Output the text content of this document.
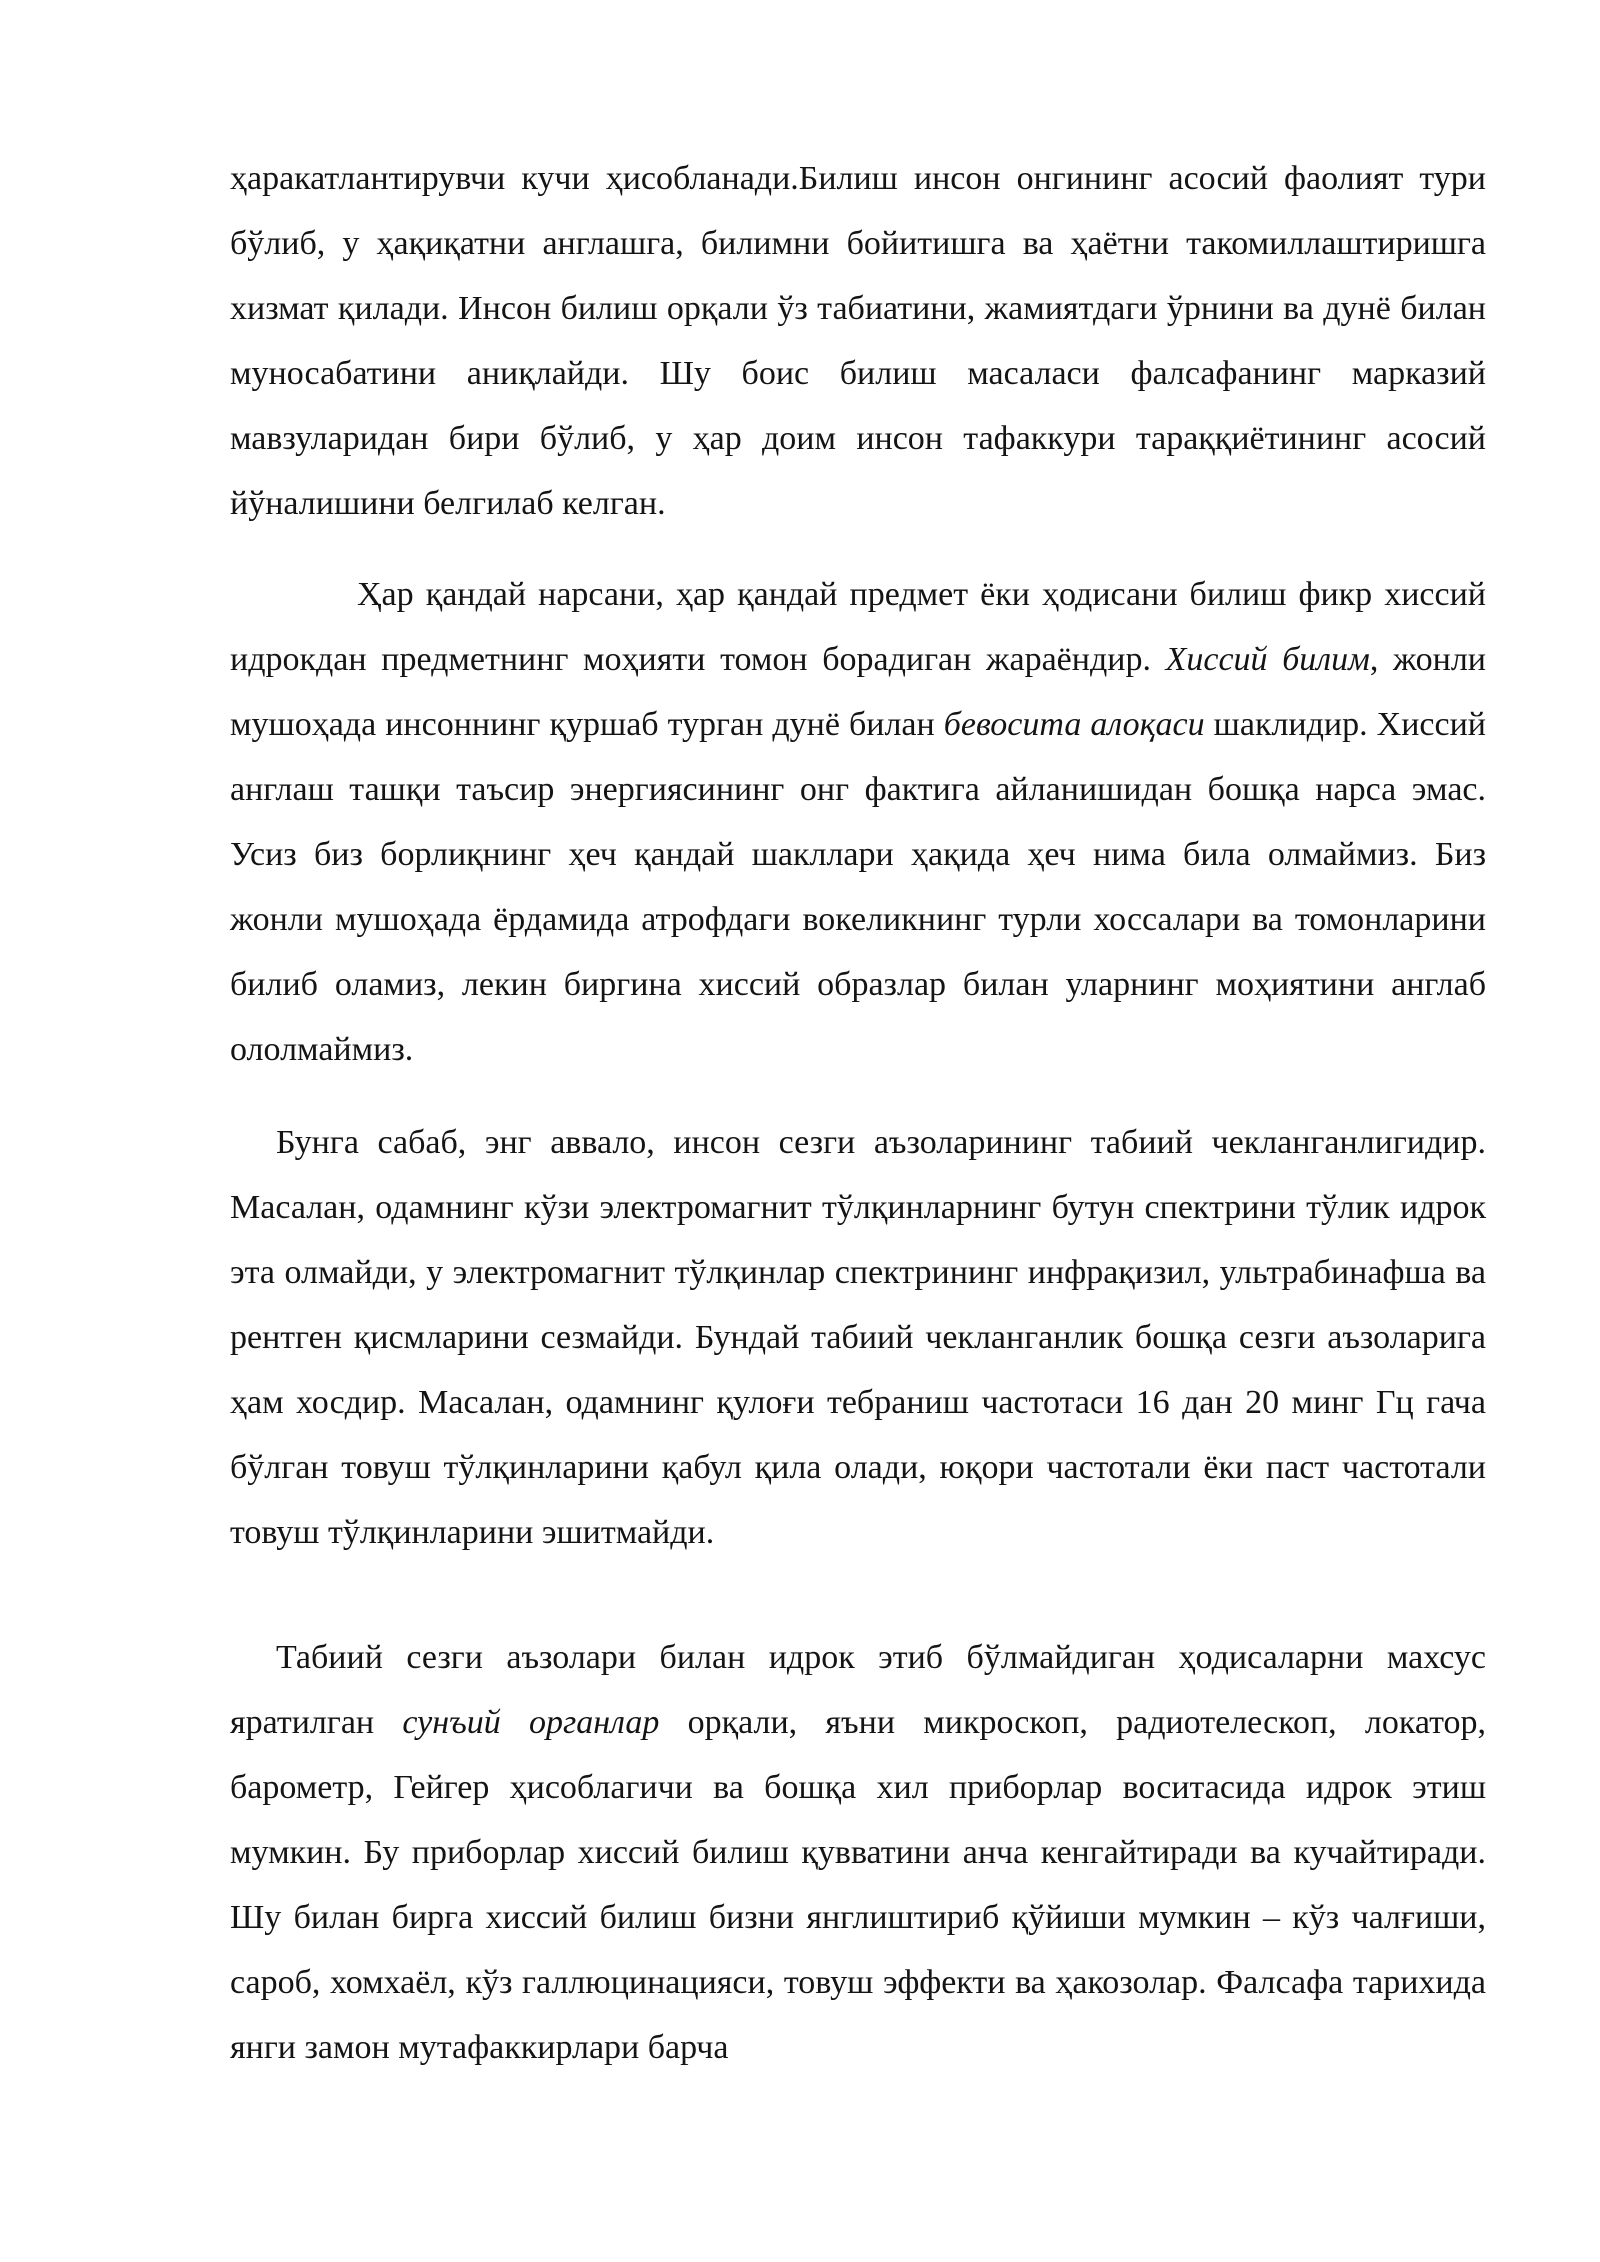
ҳаракатлантирувчи кучи ҳисобланади.Билиш инсон онгининг асосий фаолият тури бўлиб, у ҳақиқатни англашга, билимни бойитишга ва ҳаётни такомиллаштиришга хизмат қилади. Инсон билиш орқали ўз табиатини, жамиятдаги ўрнини ва дунё билан муносабатини аниқлайди. Шу боис билиш масаласи фалсафанинг марказий мавзуларидан бири бўлиб, у ҳар доим инсон тафаккури тараққиётининг асосий йўналишини белгилаб келган.

Ҳар қандай нарсани, ҳар қандай предмет ёки ҳодисани билиш фикр хиссий идрокдан предметнинг моҳияти томон борадиган жараёндир. Хиссий билим, жонли мушоҳада инсоннинг қуршаб турган дунё билан бевосита алоқаси шаклидир. Хиссий англаш ташқи таъсир энергиясининг онг фактига айланишидан бошқа нарса эмас. Усиз биз борлиқнинг ҳеч қандай шакллари ҳақида ҳеч нима била олмаймиз. Биз жонли мушоҳада ёрдамида атрофдаги вокеликнинг турли хоссалари ва томонларини билиб оламиз, лекин биргина хиссий образлар билан уларнинг моҳиятини англаб ололмаймиз.

Бунга сабаб, энг аввало, инсон сезги аъзоларининг табиий чекланганлигидир. Масалан, одамнинг кўзи электромагнит тўлқинларнинг бутун спектрини тўлик идрок эта олмайди, у электромагнит тўлқинлар спектрининг инфрақизил, ультрабинафша ва рентген қисмларини сезмайди. Бундай табиий чекланганлик бошқа сезги аъзоларига ҳам хосдир. Масалан, одамнинг қулоғи тебраниш частотаси 16 дан 20 минг Гц гача бўлган товуш тўлқинларини қабул қила олади, юқори частотали ёки паст частотали товуш тўлқинларини эшитмайди.

Табиий сезги аъзолари билан идрок этиб бўлмайдиган ҳодисаларни махсус яратилган сунъий органлар орқали, яъни микроскоп, радиотелескоп, локатор, барометр, Гейгер ҳисоблагичи ва бошқа хил приборлар воситасида идрок этиш мумкин. Бу приборлар хиссий билиш қувватини анча кенгайтиради ва кучайтиради. Шу билан бирга хиссий билиш бизни янглиштириб қўйиши мумкин – кўз чалғиши, сароб, хомхаёл, кўз галлюцинацияси, товуш эффекти ва ҳакозолар. Фалсафа тарихида янги замон мутафаккирлари барча
